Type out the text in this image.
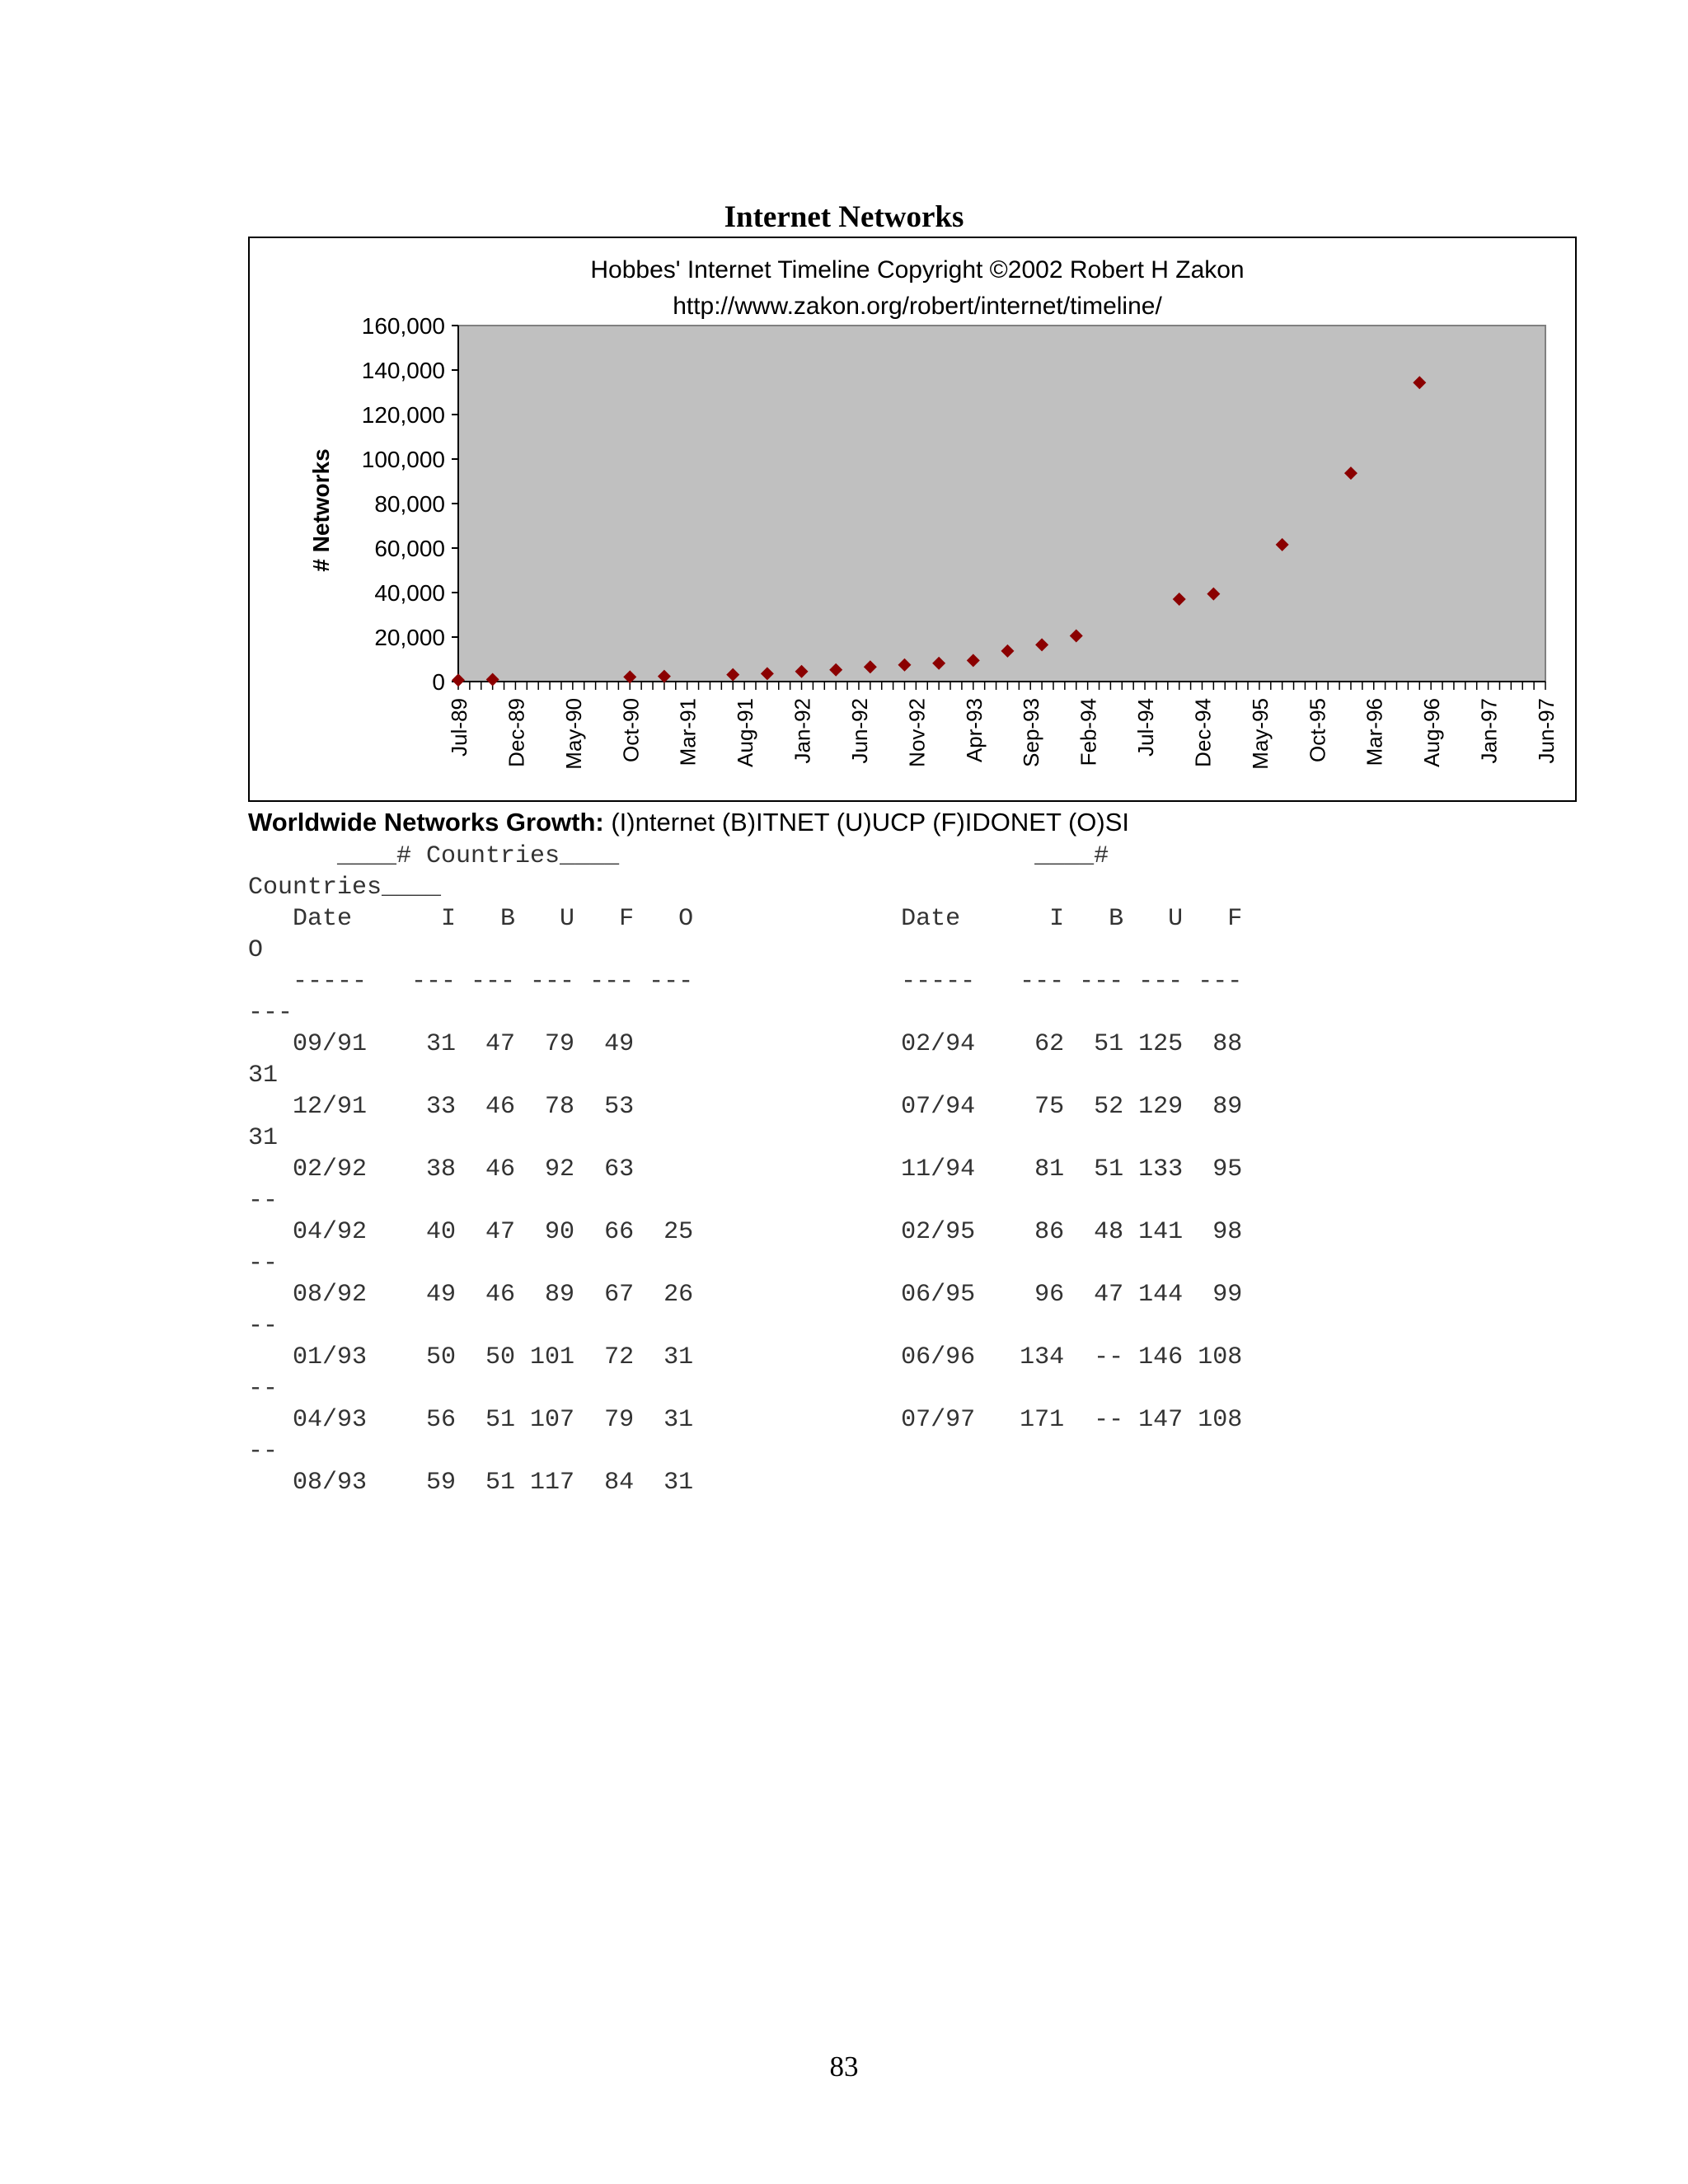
Internet Networks
Hobbes' Internet Timeline Copyright ©2002 Robert H Zakon
http://www.zakon.org/robert/internet/timeline/
160,000
140,000
120,000
100,000
80,000
60,000
40,000
20,000
0
Jul-89 Dec-89 May-90 Oct-90 Mar-91 Aug-91 Jan-92 Jun-92 Nov-92 Apr-93 Sep-93 Feb-94 Jul-94 Dec-94 May-95 Oct-95 Mar-96 Aug-96 Jan-97 Jun-97
# Networks
Worldwide Networks Growth: (I)nternet (B)ITNET (U)UCP (F)IDONET (O)SI
____# Countries____                            ____#
Countries____
Date      I   B   U   F   O              Date      I   B   U   F
O
-----   --- --- --- --- ---              -----   --- --- --- ---
---
09/91    31  47  79  49                  02/94    62  51 125  88
31
12/91    33  46  78  53                  07/94    75  52 129  89
31
02/92    38  46  92  63                  11/94    81  51 133  95
--
04/92    40  47  90  66  25              02/95    86  48 141  98
--
08/92    49  46  89  67  26              06/95    96  47 144  99
--
01/93    50  50 101  72  31              06/96   134  -- 146 108
--
04/93    56  51 107  79  31              07/97   171  -- 147 108
--
08/93    59  51 117  84  31
83
